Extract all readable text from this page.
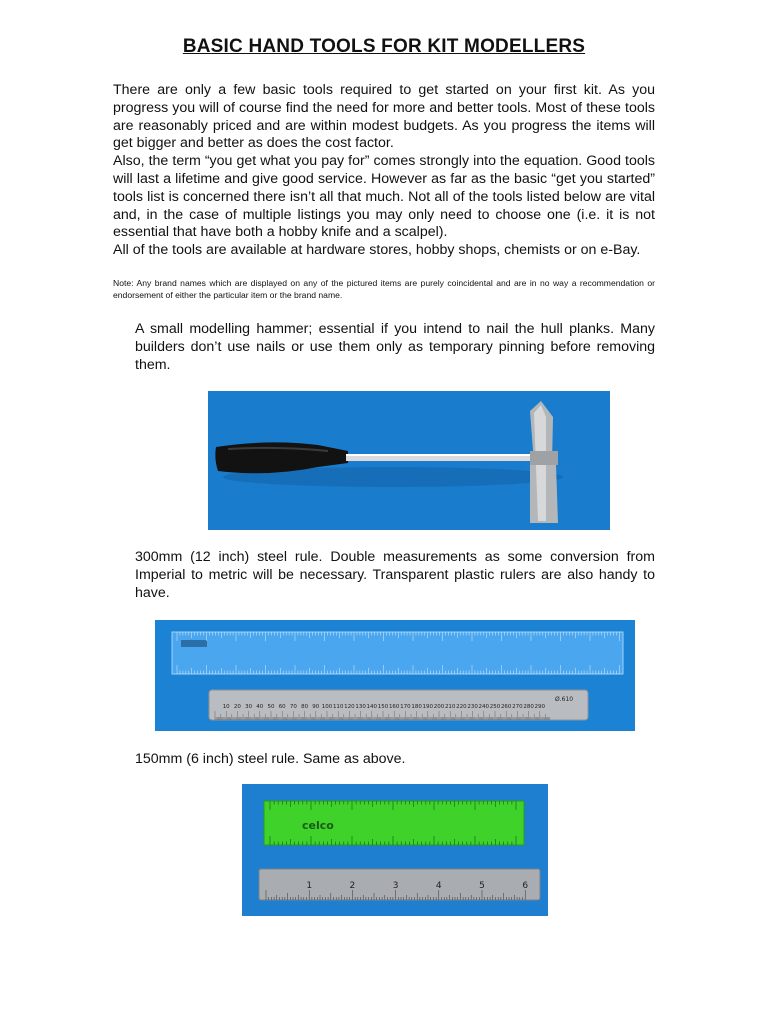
BASIC HAND TOOLS FOR KIT MODELLERS

There are only a few basic tools required to get started on your first kit. As you progress you will of course find the need for more and better tools. Most of these tools are reasonably priced and are within modest budgets. As you progress the items will get bigger and better as does the cost factor.

Also, the term “you get what you pay for” comes strongly into the equation. Good tools will last a lifetime and give good service. However as far as the basic “get you started” tools list is concerned there isn’t all that much. Not all of the tools listed below are vital and, in the case of multiple listings you may only need to choose one (i.e. it is not essential that have both a hobby knife and a scalpel).

All of the tools are available at hardware stores, hobby shops, chemists or on e-Bay.

Note: Any brand names which are displayed on any of the pictured items are purely coincidental and are in no way a recommendation or endorsement of either the particular item or the brand name.
A small modelling hammer; essential if you intend to nail the hull planks. Many builders don’t use nails or use them only as temporary pinning before removing them.
300mm (12 inch) steel rule. Double measurements as some conversion from Imperial to metric will be necessary. Transparent plastic rulers are also handy to have.
10 20 30 40 50 60 70 80 90 100 110 120 130 140 150 160 170 180 190 200 210 220 230 240 250 260 270 280 290
Ø.610
150mm (6 inch) steel rule. Same as above.
celco
1	2	3	4	5	6
